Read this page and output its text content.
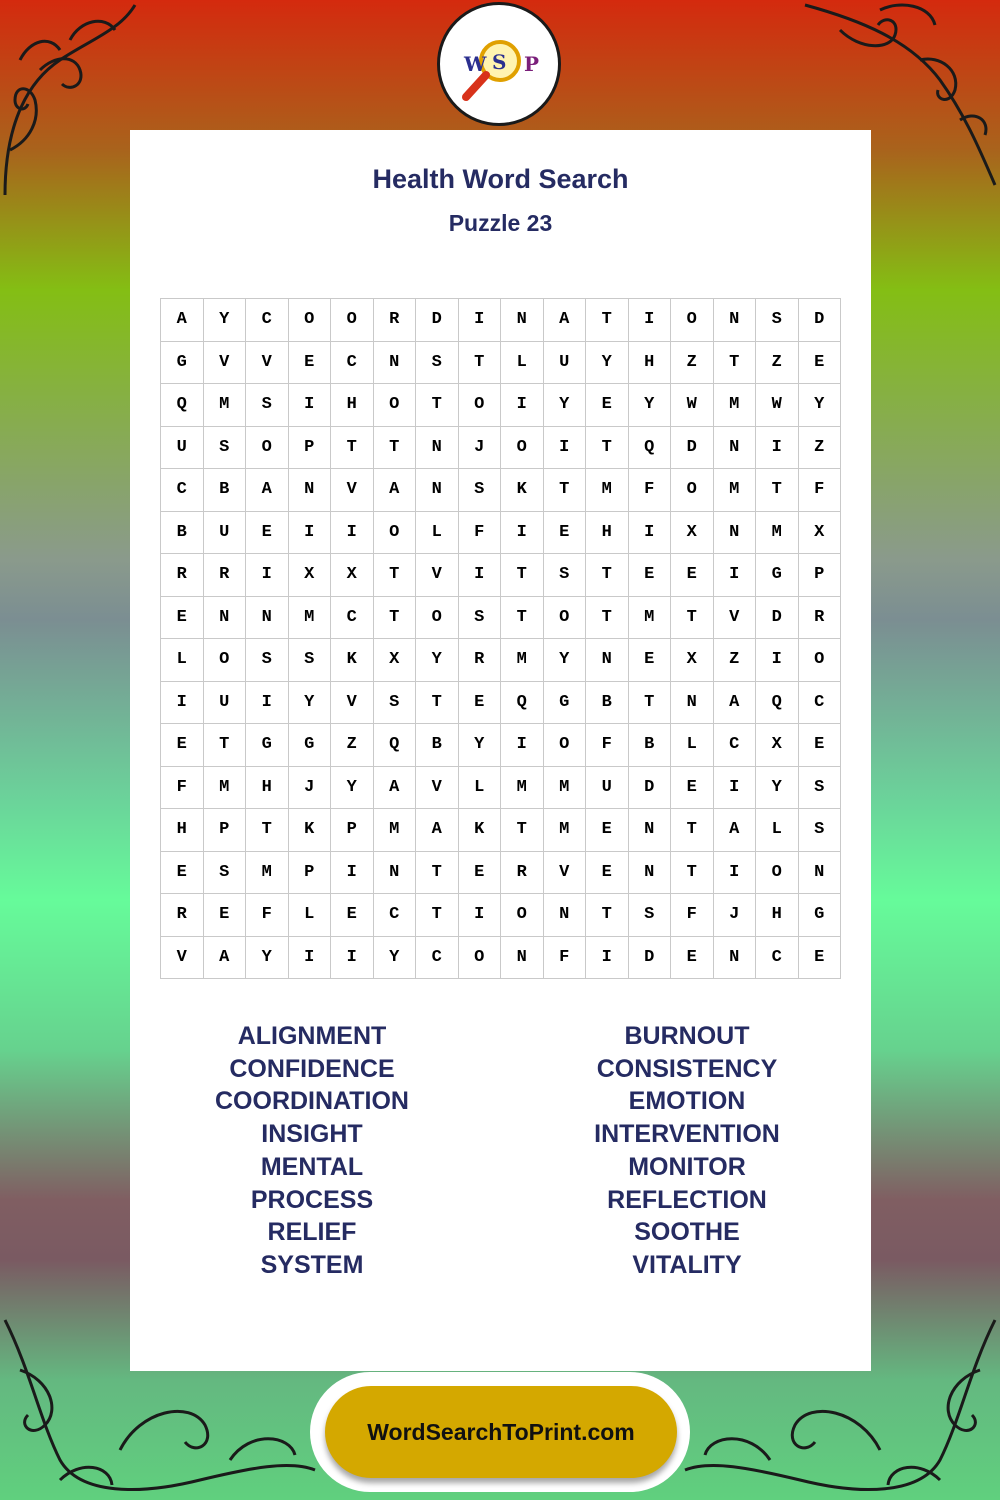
Health Word Search
Puzzle 23
A	Y	C	O	O	R	D	I	N	A	T	I	O	N	S	D
G	V	V	E	C	N	S	T	L	U	Y	H	Z	T	Z	E
Q	M	S	I	H	O	T	O	I	Y	E	Y	W	M	W	Y
U	S	O	P	T	T	N	J	O	I	T	Q	D	N	I	Z
C	B	A	N	V	A	N	S	K	T	M	F	O	M	T	F
B	U	E	I	I	O	L	F	I	E	H	I	X	N	M	X
R	R	I	X	X	T	V	I	T	S	T	E	E	I	G	P
E	N	N	M	C	T	O	S	T	O	T	M	T	V	D	R
L	O	S	S	K	X	Y	R	M	Y	N	E	X	Z	I	O
I	U	I	Y	V	S	T	E	Q	G	B	T	N	A	Q	C
E	T	G	G	Z	Q	B	Y	I	O	F	B	L	C	X	E
F	M	H	J	Y	A	V	L	M	M	U	D	E	I	Y	S
H	P	T	K	P	M	A	K	T	M	E	N	T	A	L	S
E	S	M	P	I	N	T	E	R	V	E	N	T	I	O	N
R	E	F	L	E	C	T	I	O	N	T	S	F	J	H	G
V	A	Y	I	I	Y	C	O	N	F	I	D	E	N	C	E
ALIGNMENT
CONFIDENCE
COORDINATION
INSIGHT
MENTAL
PROCESS
RELIEF
SYSTEM
BURNOUT
CONSISTENCY
EMOTION
INTERVENTION
MONITOR
REFLECTION
SOOTHE
VITALITY
W S P
WordSearchToPrint.com
